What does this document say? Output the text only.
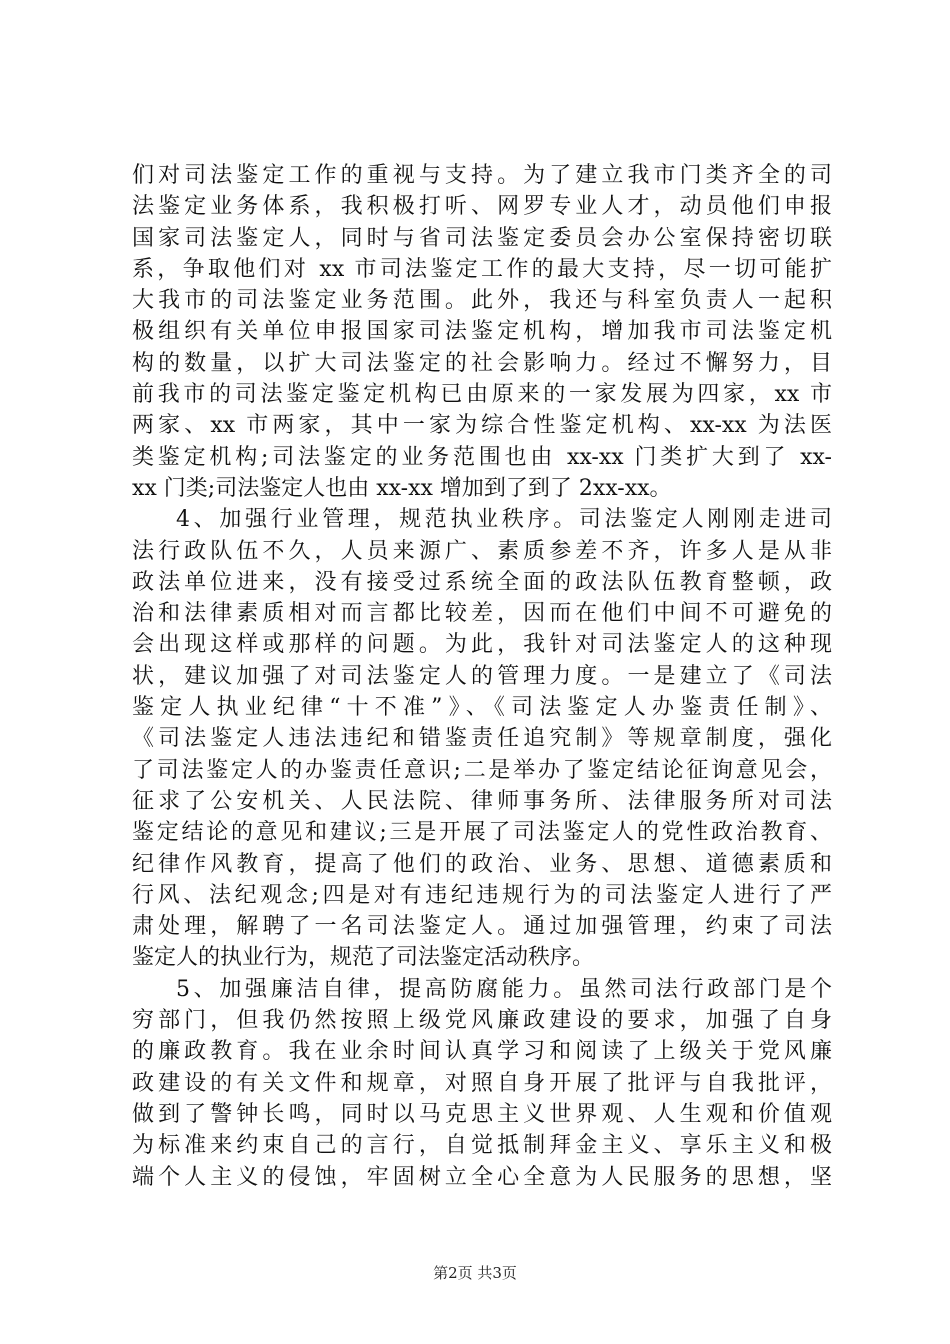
们对司法鉴定工作的重视与支持。为了建立我市门类齐全的司
法鉴定业务体系，我积极打听、网罗专业人才，动员他们申报
国家司法鉴定人，同时与省司法鉴定委员会办公室保持密切联
系，争取他们对 xx 市司法鉴定工作的最大支持，尽一切可能扩
大我市的司法鉴定业务范围。此外，我还与科室负责人一起积
极组织有关单位申报国家司法鉴定机构，增加我市司法鉴定机
构的数量，以扩大司法鉴定的社会影响力。经过不懈努力，目
前我市的司法鉴定鉴定机构已由原来的一家发展为四家，xx 市
两家、xx 市两家，其中一家为综合性鉴定机构、xx-xx 为法医
类鉴定机构;司法鉴定的业务范围也由 xx-xx 门类扩大到了 xx-
xx 门类;司法鉴定人也由 xx-xx 增加到了到了 2xx-xx。
4、加强行业管理，规范执业秩序。司法鉴定人刚刚走进司
法行政队伍不久，人员来源广、素质参差不齐，许多人是从非
政法单位进来，没有接受过系统全面的政法队伍教育整顿，政
治和法律素质相对而言都比较差，因而在他们中间不可避免的
会出现这样或那样的问题。为此，我针对司法鉴定人的这种现
状，建议加强了对司法鉴定人的管理力度。一是建立了《司法
鉴定人执业纪律“十不准”》、《司法鉴定人办鉴责任制》、
《司法鉴定人违法违纪和错鉴责任追究制》等规章制度，强化
了司法鉴定人的办鉴责任意识;二是举办了鉴定结论征询意见会，
征求了公安机关、人民法院、律师事务所、法律服务所对司法
鉴定结论的意见和建议;三是开展了司法鉴定人的党性政治教育、
纪律作风教育，提高了他们的政治、业务、思想、道德素质和
行风、法纪观念;四是对有违纪违规行为的司法鉴定人进行了严
肃处理，解聘了一名司法鉴定人。通过加强管理，约束了司法
鉴定人的执业行为，规范了司法鉴定活动秩序。
5、加强廉洁自律，提高防腐能力。虽然司法行政部门是个
穷部门，但我仍然按照上级党风廉政建设的要求，加强了自身
的廉政教育。我在业余时间认真学习和阅读了上级关于党风廉
政建设的有关文件和规章，对照自身开展了批评与自我批评，
做到了警钟长鸣，同时以马克思主义世界观、人生观和价值观
为标准来约束自己的言行，自觉抵制拜金主义、享乐主义和极
端个人主义的侵蚀，牢固树立全心全意为人民服务的思想，坚
第2页 共3页
